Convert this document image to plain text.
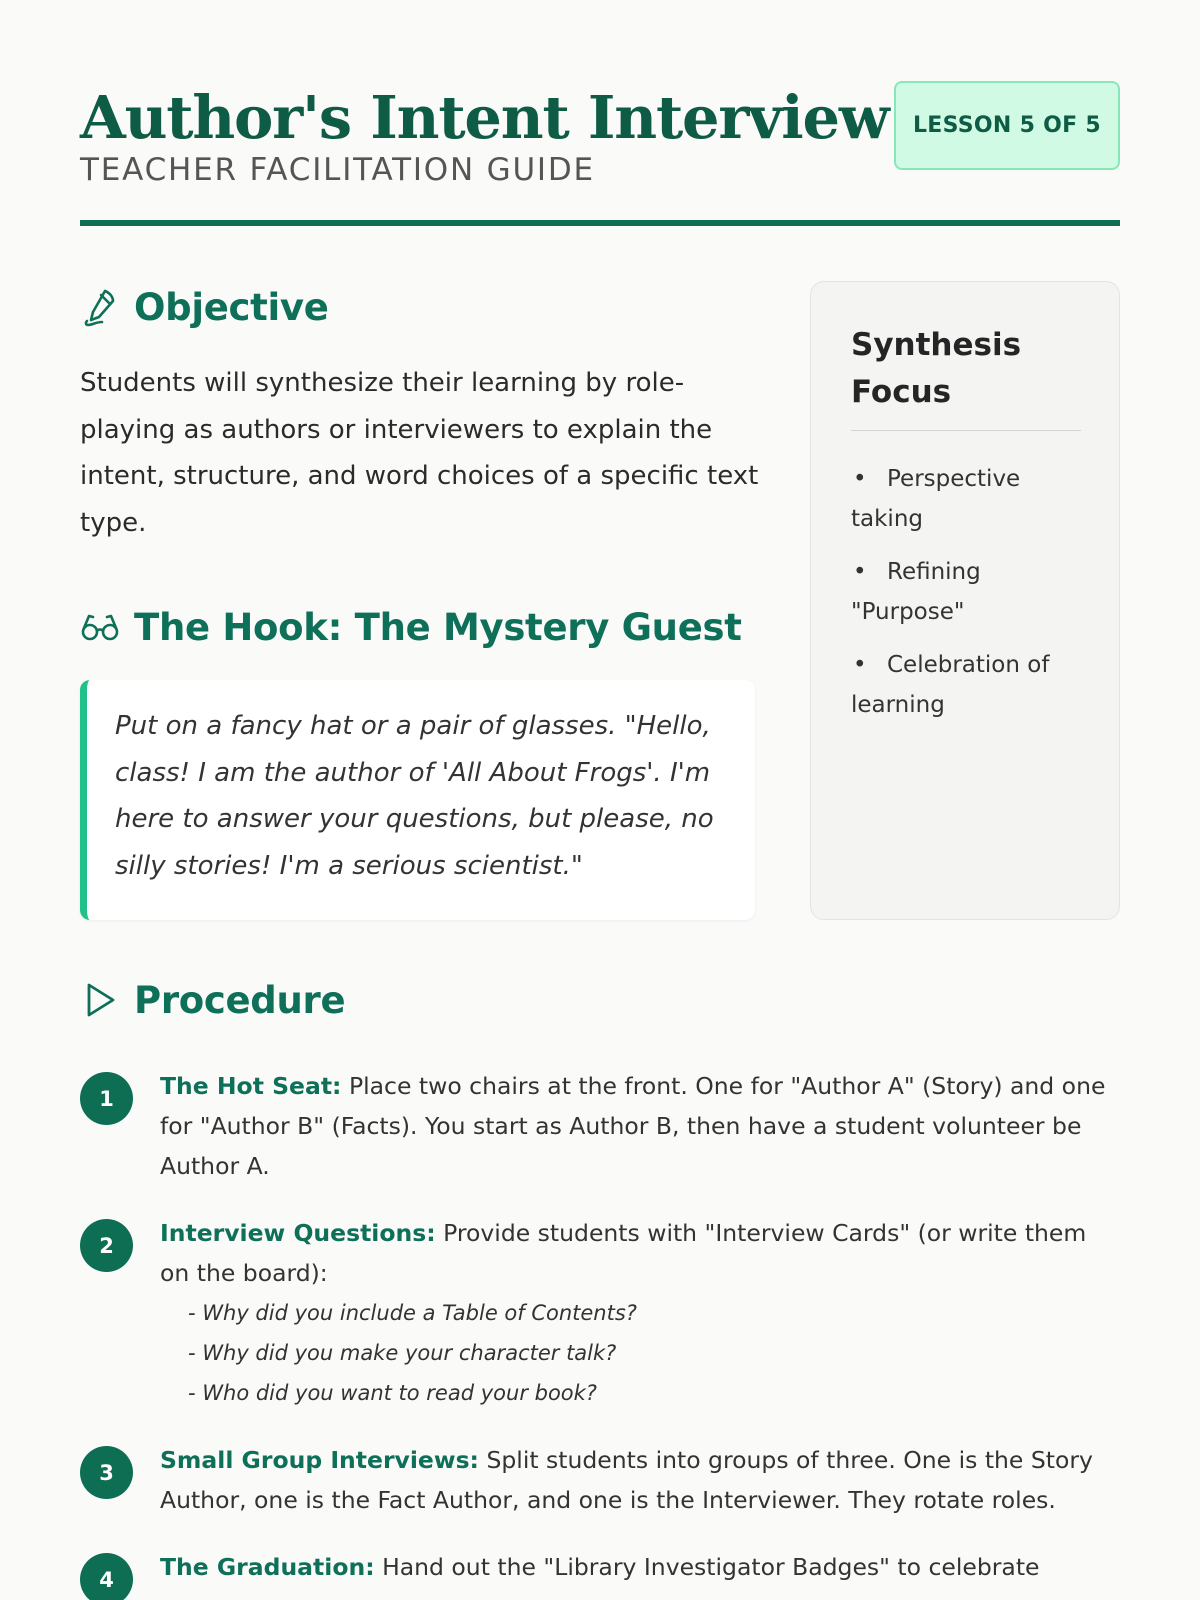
Author's Intent Interview
TEACHER FACILITATION GUIDE
LESSON 5 OF 5
Objective

Students will synthesize their learning by role-playing as authors or interviewers to explain the intent, structure, and word choices of a specific text type.

The Hook: The Mystery Guest
Put on a fancy hat or a pair of glasses. "Hello, class! I am the author of 'All About Frogs'. I'm here to answer your questions, but please, no silly stories! I'm a serious scientist."
Synthesis Focus
• Perspective taking
• Refining "Purpose"
• Celebration of learning
Procedure
1	The Hot Seat: Place two chairs at the front. One for "Author A" (Story) and one for "Author B" (Facts). You start as Author B, then have a student volunteer be Author A.
2	Interview Questions: Provide students with "Interview Cards" (or write them on the board):
- Why did you include a Table of Contents?
- Why did you make your character talk?
- Who did you want to read your book?
3	Small Group Interviews: Split students into groups of three. One is the Story Author, one is the Fact Author, and one is the Interviewer. They rotate roles.
4	The Graduation: Hand out the "Library Investigator Badges" to celebrate
